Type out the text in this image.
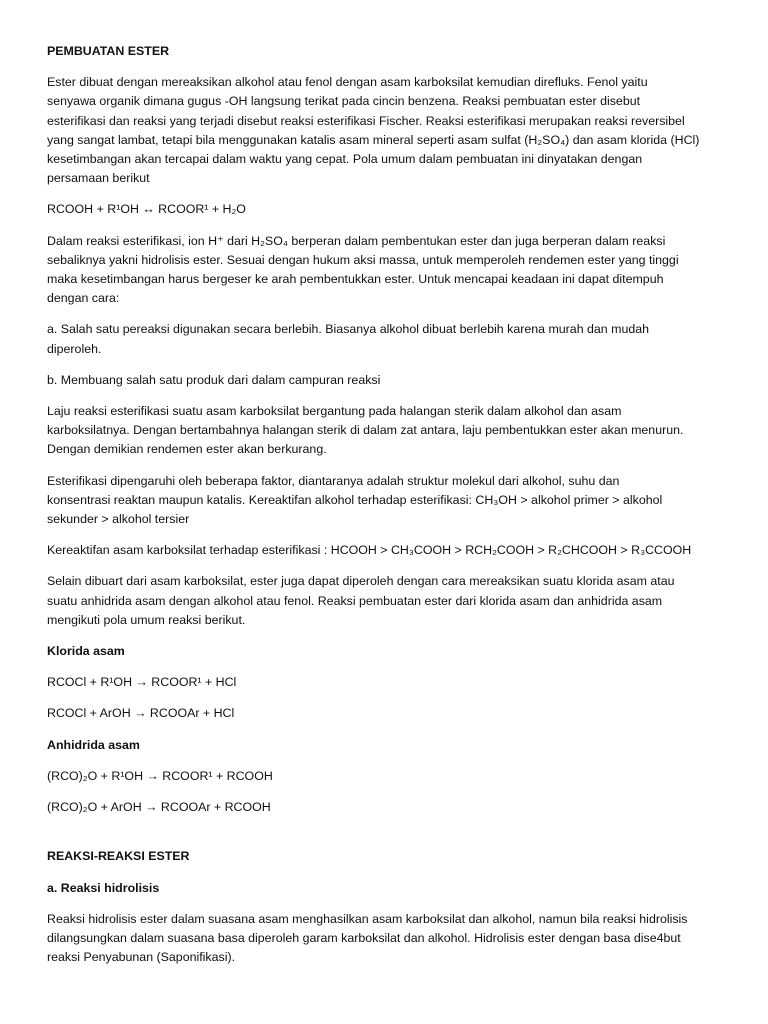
PEMBUATAN ESTER
Ester dibuat dengan mereaksikan alkohol atau fenol dengan asam karboksilat kemudian direfluks. Fenol yaitu
senyawa organik dimana gugus -OH langsung terikat pada cincin benzena. Reaksi pembuatan ester disebut
esterifikasi dan reaksi yang terjadi disebut reaksi esterifikasi Fischer. Reaksi esterifikasi merupakan reaksi reversibel
yang sangat lambat, tetapi bila menggunakan katalis asam mineral seperti asam sulfat (H₂SO₄) dan asam klorida (HCl)
kesetimbangan akan tercapai dalam waktu yang cepat. Pola umum dalam pembuatan ini dinyatakan dengan
persamaan berikut
RCOOH + R¹OH ↔ RCOOR¹ + H₂O
Dalam reaksi esterifikasi, ion H⁺ dari H₂SO₄ berperan dalam pembentukan ester dan juga berperan dalam reaksi
sebaliknya yakni hidrolisis ester. Sesuai dengan hukum aksi massa, untuk memperoleh rendemen ester yang tinggi
maka kesetimbangan harus bergeser ke arah pembentukkan ester. Untuk mencapai keadaan ini dapat ditempuh
dengan cara:
a. Salah satu pereaksi digunakan secara berlebih. Biasanya alkohol dibuat berlebih karena murah dan mudah
diperoleh.
b. Membuang salah satu produk dari dalam campuran reaksi
Laju reaksi esterifikasi suatu asam karboksilat bergantung pada halangan sterik dalam alkohol dan asam
karboksilatnya. Dengan bertambahnya halangan sterik di dalam zat antara, laju pembentukkan ester akan menurun.
Dengan demikian rendemen ester akan berkurang.
Esterifikasi dipengaruhi oleh beberapa faktor, diantaranya adalah struktur molekul dari alkohol, suhu dan
konsentrasi reaktan maupun katalis. Kereaktifan alkohol terhadap esterifikasi: CH₃OH > alkohol primer > alkohol
sekunder > alkohol tersier
Kereaktifan asam karboksilat terhadap esterifikasi : HCOOH > CH₃COOH > RCH₂COOH > R₂CHCOOH > R₃CCOOH
Selain dibuart dari asam karboksilat, ester juga dapat diperoleh dengan cara mereaksikan suatu klorida asam atau
suatu anhidrida asam dengan alkohol atau fenol. Reaksi pembuatan ester dari klorida asam dan anhidrida asam
mengikuti pola umum reaksi berikut.
Klorida asam
RCOCl + R¹OH → RCOOR¹ + HCl
RCOCl + ArOH → RCOOAr + HCl
Anhidrida asam
(RCO)₂O + R¹OH → RCOOR¹ + RCOOH
(RCO)₂O + ArOH → RCOOAr + RCOOH
REAKSI-REAKSI ESTER
a. Reaksi hidrolisis
Reaksi hidrolisis ester dalam suasana asam menghasilkan asam karboksilat dan alkohol, namun bila reaksi hidrolisis
dilangsungkan dalam suasana basa diperoleh garam karboksilat dan alkohol. Hidrolisis ester dengan basa dise4but
reaksi Penyabunan (Saponifikasi).
